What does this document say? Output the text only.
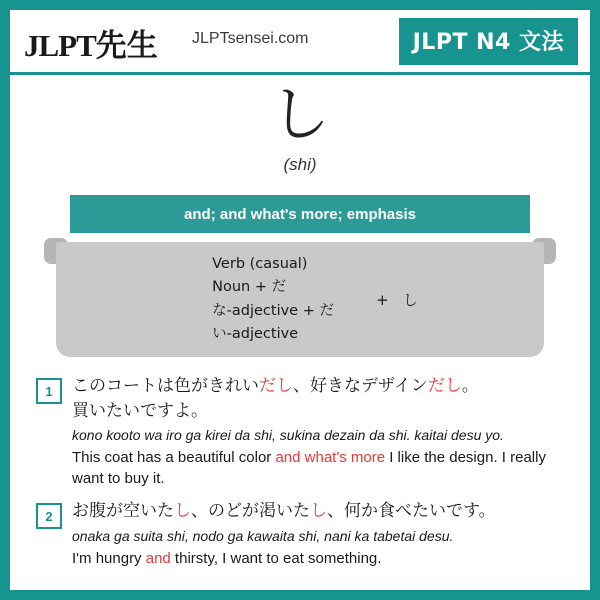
JLPT先生 JLPTsensei.com	JLPT N4 文法
し
(shi)
and; and what's more; emphasis
Verb (casual)
Noun + だ
な-adjective + だ
い-adjective
+   し
1	このコートは色がきれいだし、好きなデザインだし。
買いたいですよ。
kono kooto wa iro ga kirei da shi, sukina dezain da shi. kaitai desu yo.
This coat has a beautiful color and what's more I like the design. I really want to buy it.
2	お腹が空いたし、のどが渇いたし、何か食べたいです。
onaka ga suita shi, nodo ga kawaita shi, nani ka tabetai desu.
I'm hungry and thirsty, I want to eat something.
